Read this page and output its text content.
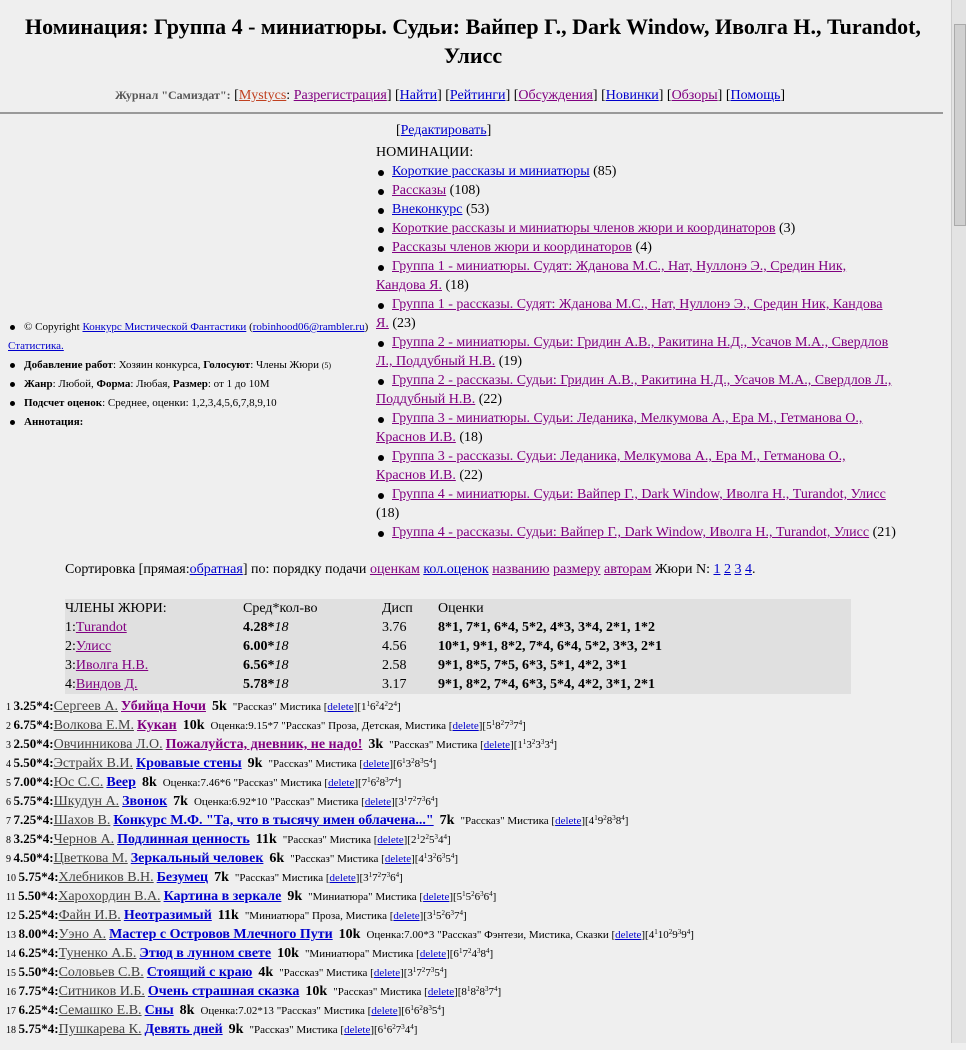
Номинация: Группа 4 - миниатюры. Судьи: Вайпер Г., Dark Window, Иволга Н., Turandot, Улисс
Журнал "Самиздат": [Mystycs: Разрегистрация] [Найти] [Рейтинги] [Обсуждения] [Новинки] [Обзоры] [Помощь]
[Редактировать]
НОМИНАЦИИ:
Короткие рассказы и миниатюры (85)
Рассказы (108)
Внеконкурс (53)
Короткие рассказы и миниатюры членов жюри и координаторов (3)
Рассказы членов жюри и координаторов (4)
Группа 1 - миниатюры. Судят: Жданова М.С., Нат, Нуллонэ Э., Средин Ник, Кандова Я. (18)
Группа 1 - рассказы. Судят: Жданова М.С., Нат, Нуллонэ Э., Средин Ник, Кандова Я. (23)
Группа 2 - миниатюры. Судьи: Гридин А.В., Ракитина Н.Д., Усачов М.А., Свердлов Л., Поддубный Н.В. (19)
Группа 2 - рассказы. Судьи: Гридин А.В., Ракитина Н.Д., Усачов М.А., Свердлов Л., Поддубный Н.В. (22)
Группа 3 - миниатюры. Судьи: Леданика, Мелкумова А., Ера М., Гетманова О., Краснов И.В. (18)
Группа 3 - рассказы. Судьи: Леданика, Мелкумова А., Ера М., Гетманова О., Краснов И.В. (22)
Группа 4 - миниатюры. Судьи: Вайпер Г., Dark Window, Иволга Н., Turandot, Улисс (18)
Группа 4 - рассказы. Судьи: Вайпер Г., Dark Window, Иволга Н., Turandot, Улисс (21)
© Copyright Конкурс Мистической Фантастики (robinhood06@rambler.ru) Статистика.
Добавление работ: Хозяин конкурса, Голосуют: Члены Жюри (5)
Жанр: Любой, Форма: Любая, Размер: от 1 до 10M
Подсчет оценок: Среднее, оценки: 1,2,3,4,5,6,7,8,9,10
Аннотация:
Сортировка [прямая:обратная] по: порядку подачи оценкам кол.оценок названию размеру авторам Жюри N: 1 2 3 4.
ЧЛЕНЫ ЖЮРИ:	Сред*кол-во	Дисп Оценки
1:Turandot	4.28*18	3.76 8*1, 7*1, 6*4, 5*2, 4*3, 3*4, 2*1, 1*2
2:Улисс	6.00*18	4.56 10*1, 9*1, 8*2, 7*4, 6*4, 5*2, 3*3, 2*1
3:Иволга Н.В.	6.56*18	2.58 9*1, 8*5, 7*5, 6*3, 5*1, 4*2, 3*1
4:Виндов Д.	5.78*18	3.17 9*1, 8*2, 7*4, 6*3, 5*4, 4*2, 3*1, 2*1
1 3.25*4:Сергеев А. Убийца Ночи 5k "Рассказ" Мистика $[delete][1^16^24^22^4]$
2 6.75*4:Волкова Е.М. Кукан 10k Оценка:9.15*7 "Рассказ" Проза, Детская, Мистика $[delete][5^18^27^37^4]$
3 2.50*4:Овчинникова Л.О. Пожалуйста, дневник, не надо! 3k "Рассказ" Мистика $[delete][1^13^23^33^4]$
4 5.50*4:Эстрайх В.И. Кровавые стены 9k "Рассказ" Мистика $[delete][6^13^28^35^4]$
5 7.00*4:Юс С.С. Веер 8k Оценка:7.46*6 "Рассказ" Мистика $[delete][7^16^28^37^4]$
6 5.75*4:Шкудун А. Звонок 7k Оценка:6.92*10 "Рассказ" Мистика $[delete][3^17^27^36^4]$
7 7.25*4:Шахов В. Конкурс М.Ф. "Та, что в тысячу имен облачена..." 7k "Рассказ" Мистика $[delete][4^19^28^38^4]$
8 3.25*4:Чернов А. Подлинная ценность 11k "Рассказ" Мистика $[delete][2^12^25^34^4]$
9 4.50*4:Цветкова М. Зеркальный человек 6k "Рассказ" Мистика $[delete][4^13^26^35^4]$
10 5.75*4:Хлебников В.Н. Безумец 7k "Рассказ" Мистика $[delete][3^17^27^36^4]$
11 5.50*4:Харохордин В.А. Картина в зеркале 9k "Миниатюра" Мистика $[delete][5^15^26^36^4]$
12 5.25*4:Файн И.В. Неотразимый 11k "Миниатюра" Проза, Мистика $[delete][3^15^26^37^4]$
13 8.00*4:Уэно А. Мастер с Островов Млечного Пути 10k Оценка:7.00*3 "Рассказ" Фэнтези, Мистика, Сказки $[delete][4^110^29^39^4]$
14 6.25*4:Туненко А.Б. Этюд в лунном свете 10k "Миниатюра" Мистика $[delete][6^17^24^38^4]$
15 5.50*4:Соловьев С.В. Стоящий с краю 4k "Рассказ" Мистика $[delete][3^17^27^35^4]$
16 7.75*4:Ситников И.Б. Очень страшная сказка 10k "Рассказ" Мистика $[delete][8^18^28^37^4]$
17 6.25*4:Семашко Е.В. Сны 8k Оценка:7.02*13 "Рассказ" Мистика $[delete][6^16^28^35^4]$
18 5.75*4:Пушкарева К. Девять дней 9k "Рассказ" Мистика $[delete][6^16^27^34^4]$
